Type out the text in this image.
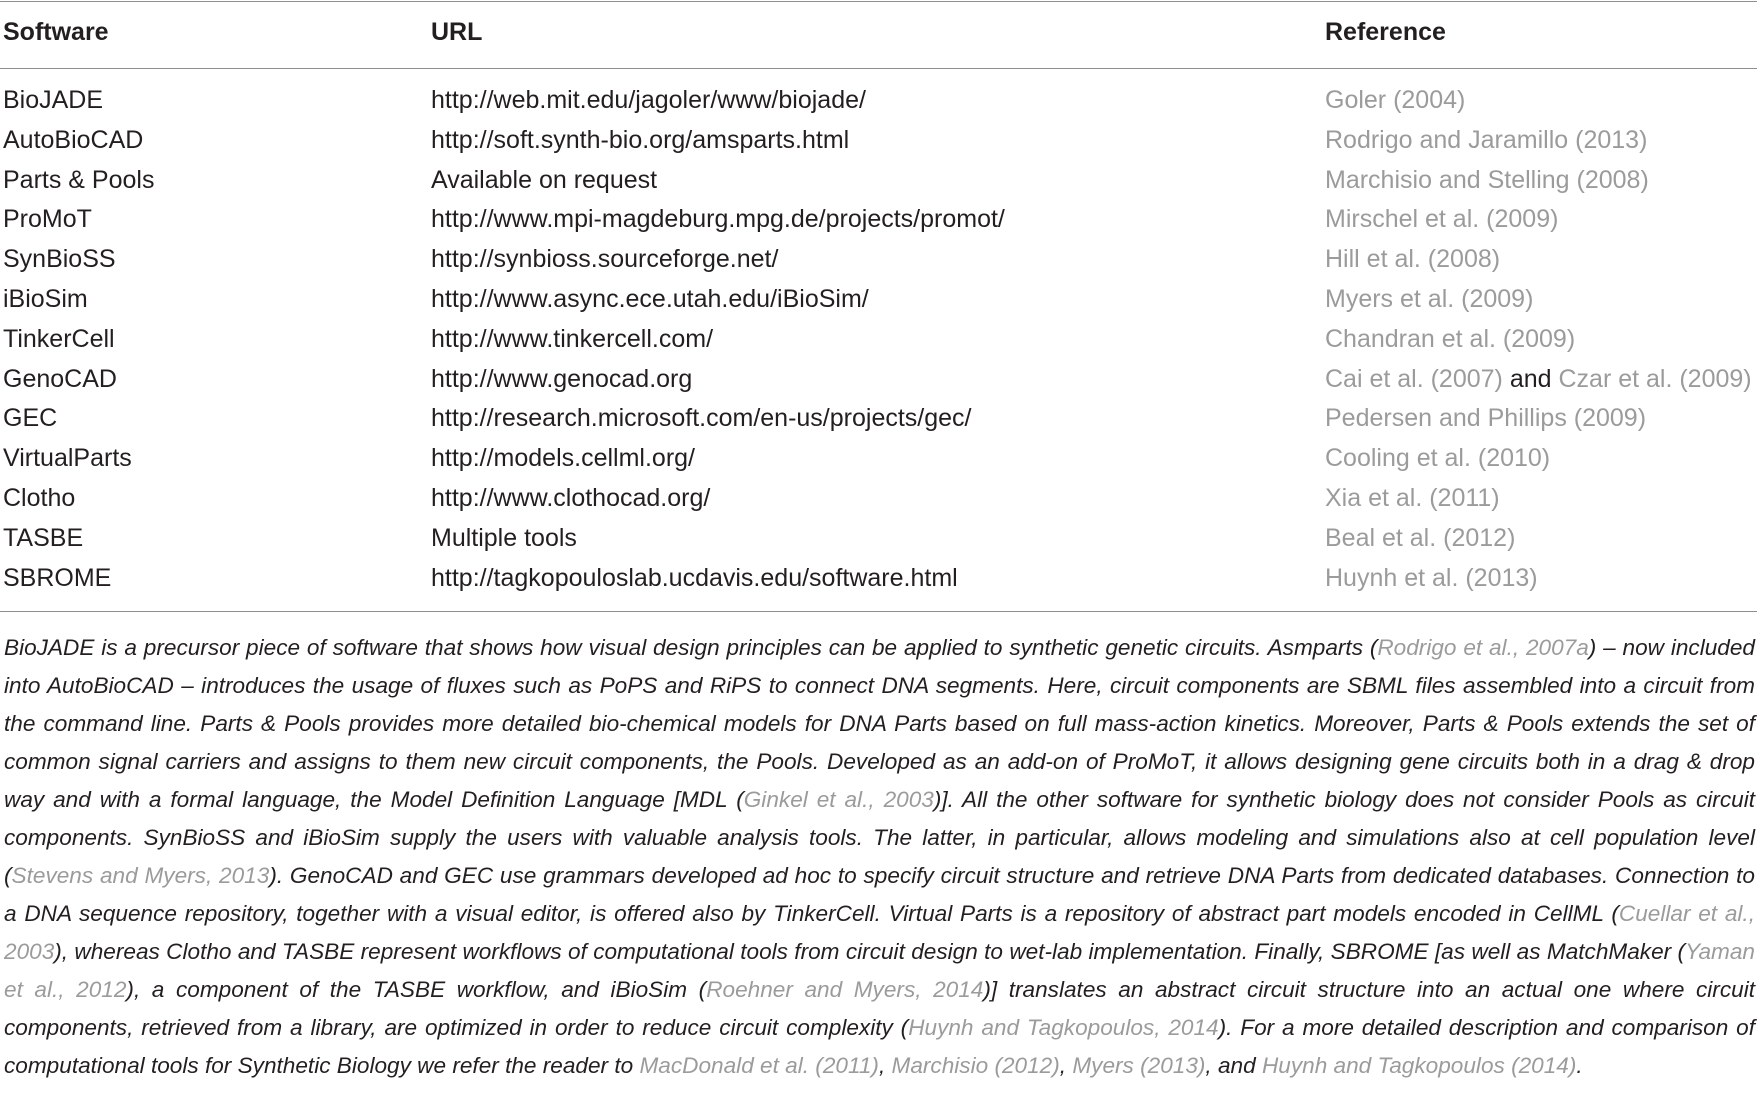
Software	URL	Reference
BioJADE	http://web.mit.edu/jagoler/www/biojade/	Goler (2004)
AutoBioCAD	http://soft.synth-bio.org/amsparts.html	Rodrigo and Jaramillo (2013)
Parts & Pools	Available on request	Marchisio and Stelling (2008)
ProMoT	http://www.mpi-magdeburg.mpg.de/projects/promot/	Mirschel et al. (2009)
SynBioSS	http://synbioss.sourceforge.net/	Hill et al. (2008)
iBioSim	http://www.async.ece.utah.edu/iBioSim/	Myers et al. (2009)
TinkerCell	http://www.tinkercell.com/	Chandran et al. (2009)
GenoCAD	http://www.genocad.org	Cai et al. (2007) and Czar et al. (2009)
GEC	http://research.microsoft.com/en-us/projects/gec/	Pedersen and Phillips (2009)
VirtualParts	http://models.cellml.org/	Cooling et al. (2010)
Clotho	http://www.clothocad.org/	Xia et al. (2011)
TASBE	Multiple tools	Beal et al. (2012)
SBROME	http://tagkopouloslab.ucdavis.edu/software.html	Huynh et al. (2013)
BioJADE is a precursor piece of software that shows how visual design principles can be applied to synthetic genetic circuits. Asmparts (Rodrigo et al., 2007a) – now included into AutoBioCAD – introduces the usage of fluxes such as PoPS and RiPS to connect DNA segments. Here, circuit components are SBML files assembled into a circuit from the command line. Parts & Pools provides more detailed bio-chemical models for DNA Parts based on full mass-action kinetics. Moreover, Parts & Pools extends the set of common signal carriers and assigns to them new circuit components, the Pools. Developed as an add-on of ProMoT, it allows designing gene circuits both in a drag & drop way and with a formal language, the Model Definition Language [MDL (Ginkel et al., 2003)]. All the other software for synthetic biology does not consider Pools as circuit components. SynBioSS and iBioSim supply the users with valuable analysis tools. The latter, in particular, allows modeling and simulations also at cell population level (Stevens and Myers, 2013). GenoCAD and GEC use grammars developed ad hoc to specify circuit structure and retrieve DNA Parts from dedicated databases. Connection to a DNA sequence repository, together with a visual editor, is offered also by TinkerCell. Virtual Parts is a repository of abstract part models encoded in CellML (Cuellar et al., 2003), whereas Clotho and TASBE represent workflows of computational tools from circuit design to wet-lab implementation. Finally, SBROME [as well as MatchMaker (Yaman et al., 2012), a component of the TASBE workflow, and iBioSim (Roehner and Myers, 2014)] translates an abstract circuit structure into an actual one where circuit components, retrieved from a library, are optimized in order to reduce circuit complexity (Huynh and Tagkopoulos, 2014). For a more detailed description and comparison of computational tools for Synthetic Biology we refer the reader to MacDonald et al. (2011), Marchisio (2012), Myers (2013), and Huynh and Tagkopoulos (2014).
